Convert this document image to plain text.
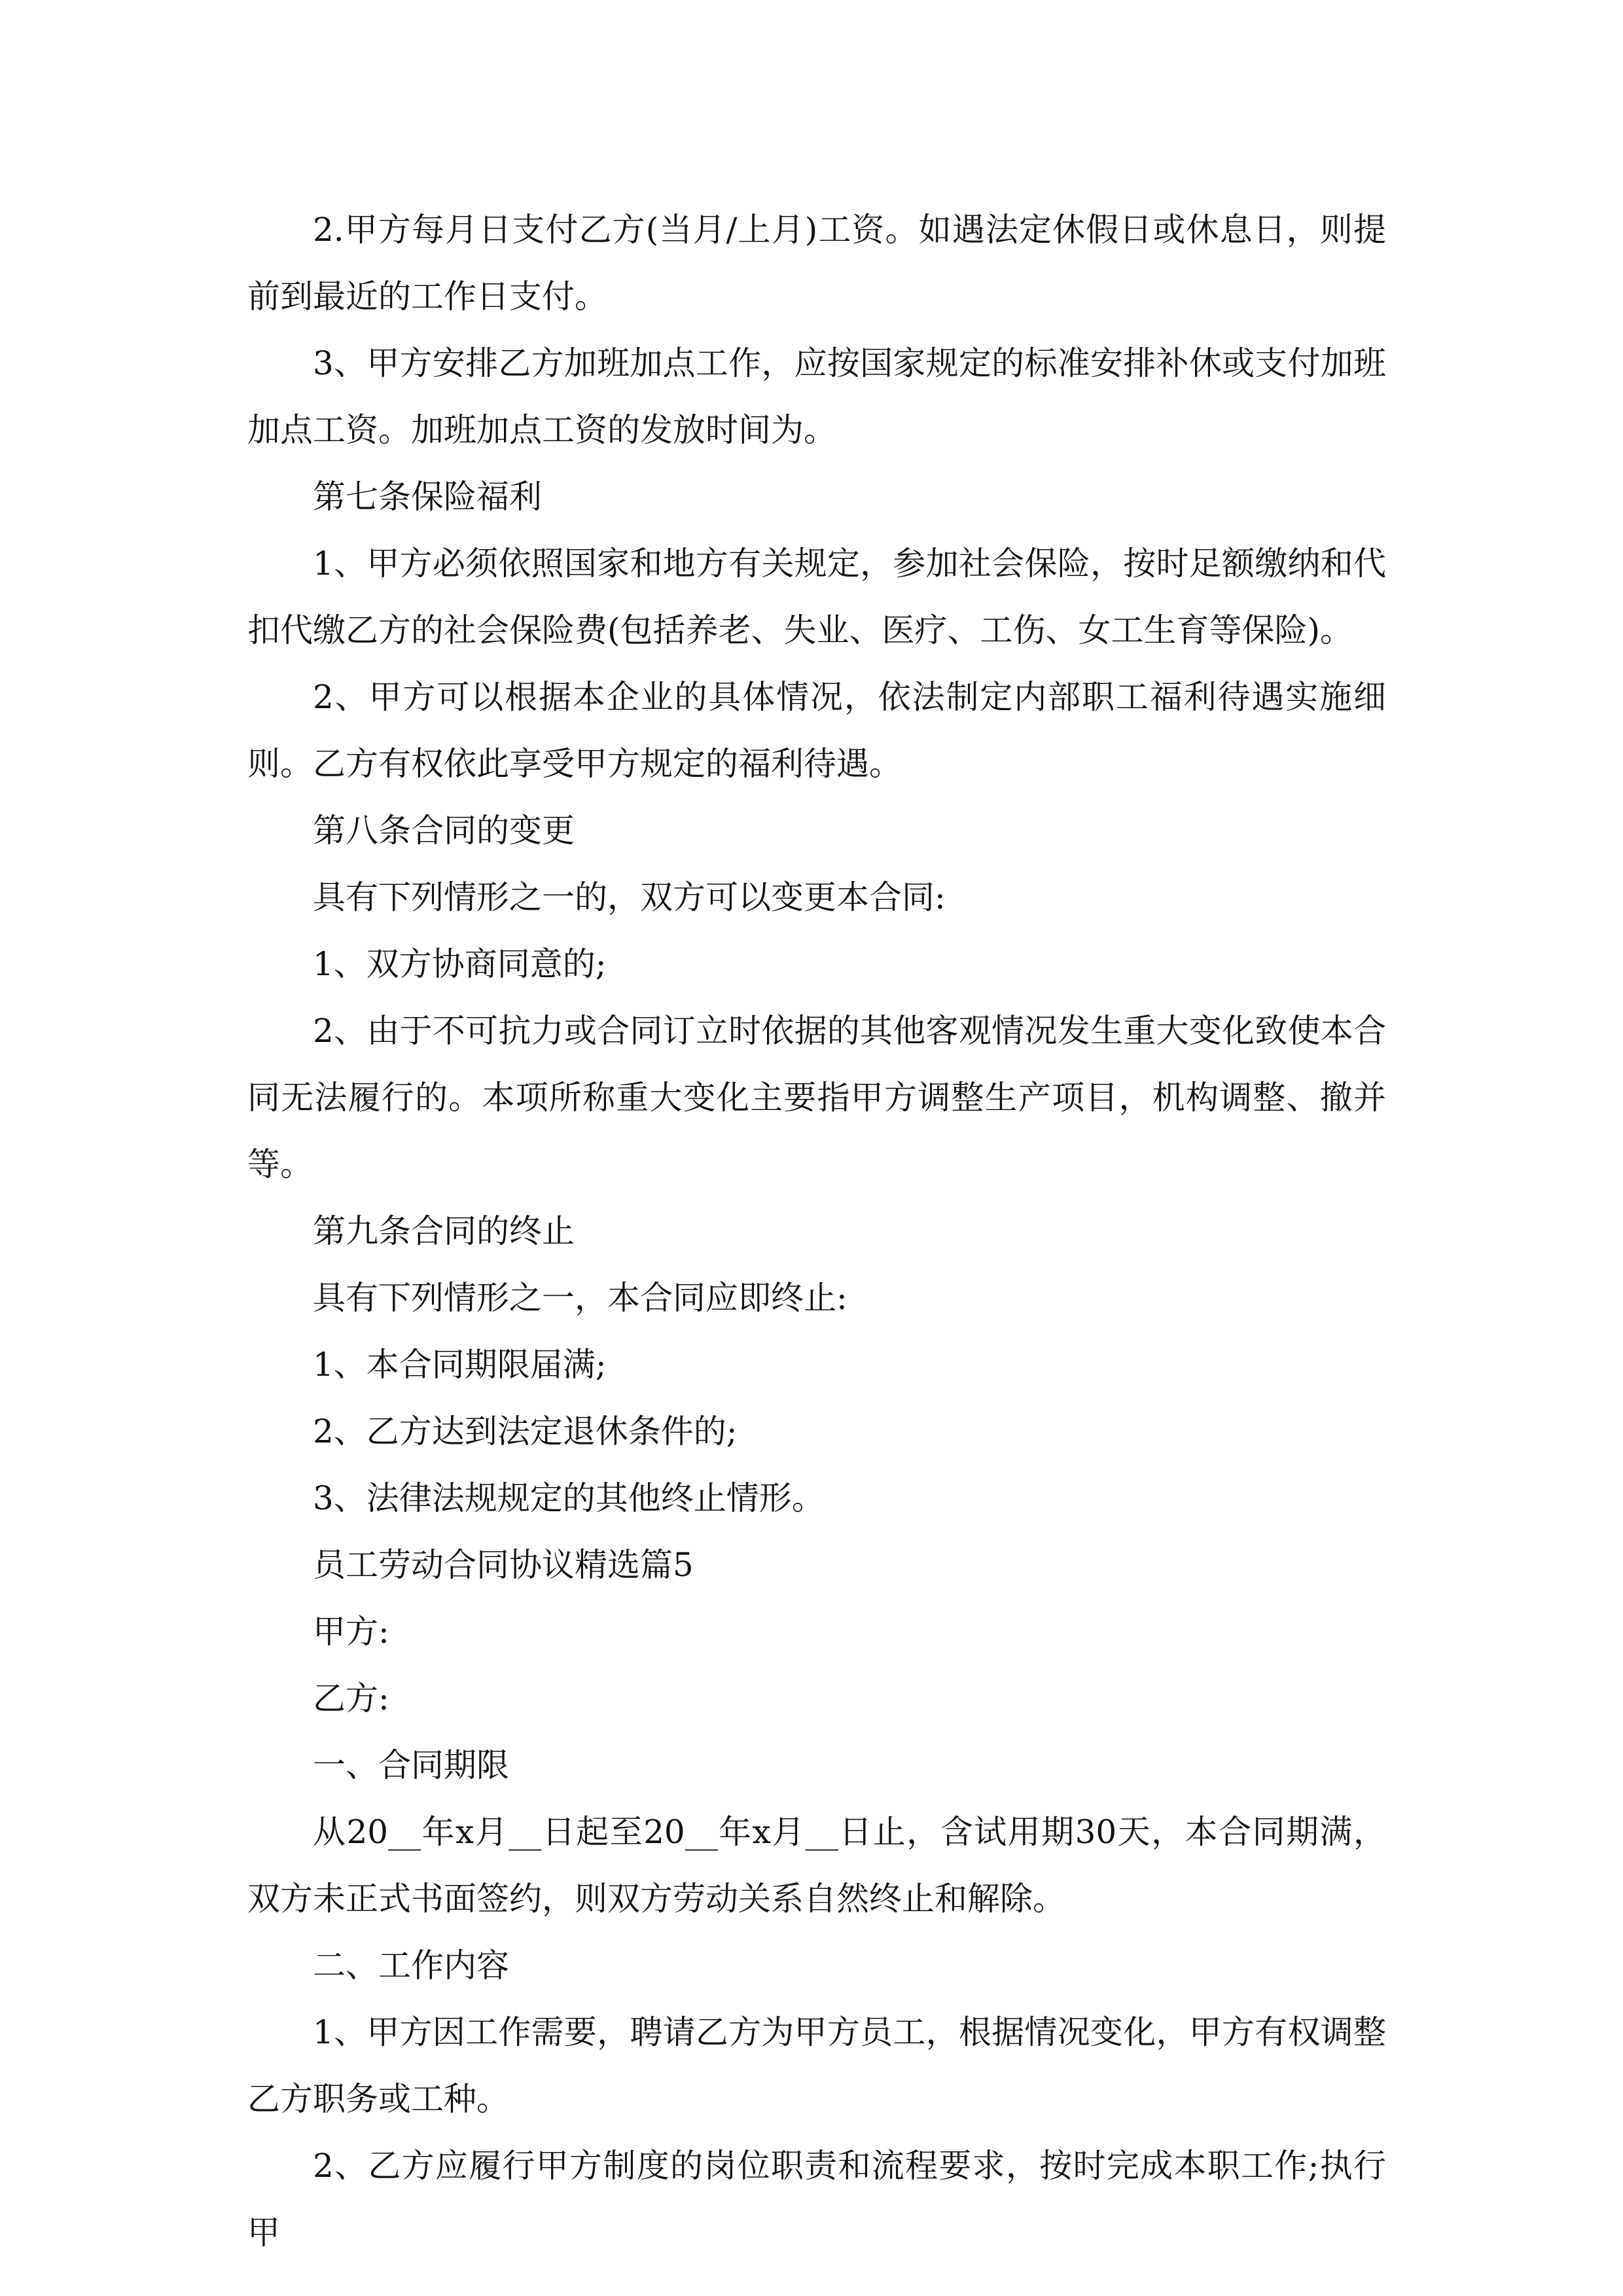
2.甲方每月日支付乙方(当月/上月)工资。如遇法定休假日或休息日，则提前到最近的工作日支付。

3、甲方安排乙方加班加点工作，应按国家规定的标准安排补休或支付加班加点工资。加班加点工资的发放时间为。

第七条保险福利

1、甲方必须依照国家和地方有关规定，参加社会保险，按时足额缴纳和代扣代缴乙方的社会保险费(包括养老、失业、医疗、工伤、女工生育等保险)。

2、甲方可以根据本企业的具体情况，依法制定内部职工福利待遇实施细则。乙方有权依此享受甲方规定的福利待遇。

第八条合同的变更

具有下列情形之一的，双方可以变更本合同:

1、双方协商同意的;

2、由于不可抗力或合同订立时依据的其他客观情况发生重大变化致使本合同无法履行的。本项所称重大变化主要指甲方调整生产项目，机构调整、撤并等。

第九条合同的终止

具有下列情形之一，本合同应即终止:

1、本合同期限届满;

2、乙方达到法定退休条件的;

3、法律法规规定的其他终止情形。

员工劳动合同协议精选篇5

甲方:

乙方:

一、合同期限

从20__年x月__日起至20__年x月__日止，含试用期30天，本合同期满，双方未正式书面签约，则双方劳动关系自然终止和解除。

二、工作内容

1、甲方因工作需要，聘请乙方为甲方员工，根据情况变化，甲方有权调整乙方职务或工种。

2、乙方应履行甲方制度的岗位职责和流程要求，按时完成本职工作;执行甲
